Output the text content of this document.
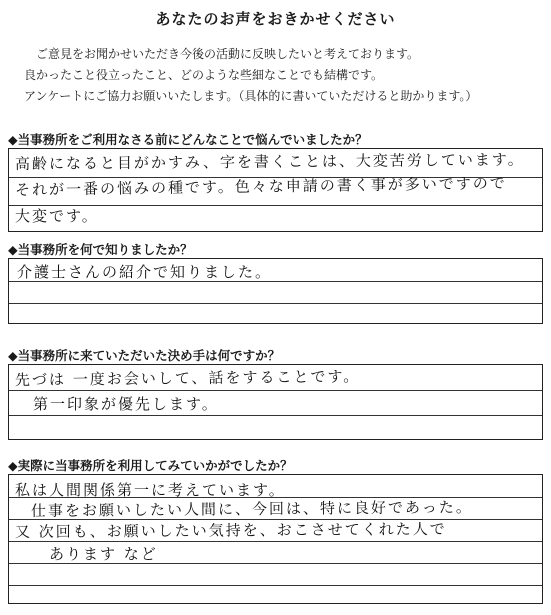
あなたのお声をおきかせください
ご意見をお聞かせいただき今後の活動に反映したいと考えております。
良かったこと役立ったこと、どのような些細なことでも結構です。
アンケートにご協力お願いいたします。（具体的に書いていただけると助かります。）
◆当事務所をご利用なさる前にどんなことで悩んでいましたか？
高齢になると目がかすみ、字を書くことは、大変苦労しています。
それが一番の悩みの種です。色々な申請の書く事が多いですので
大変です。
◆当事務所を何で知りましたか？
介護士さんの紹介で知りました。
◆当事務所に来ていただいた決め手は何ですか？
先づは 一度お会いして、話をすることです。
第一印象が優先します。
◆実際に当事務所を利用してみていかがでしたか？
私は人間関係第一に考えています。
仕事をお願いしたい人間に、今回は、特に良好であった。
又 次回も、お願いしたい気持を、おこさせてくれた人で
あります など
